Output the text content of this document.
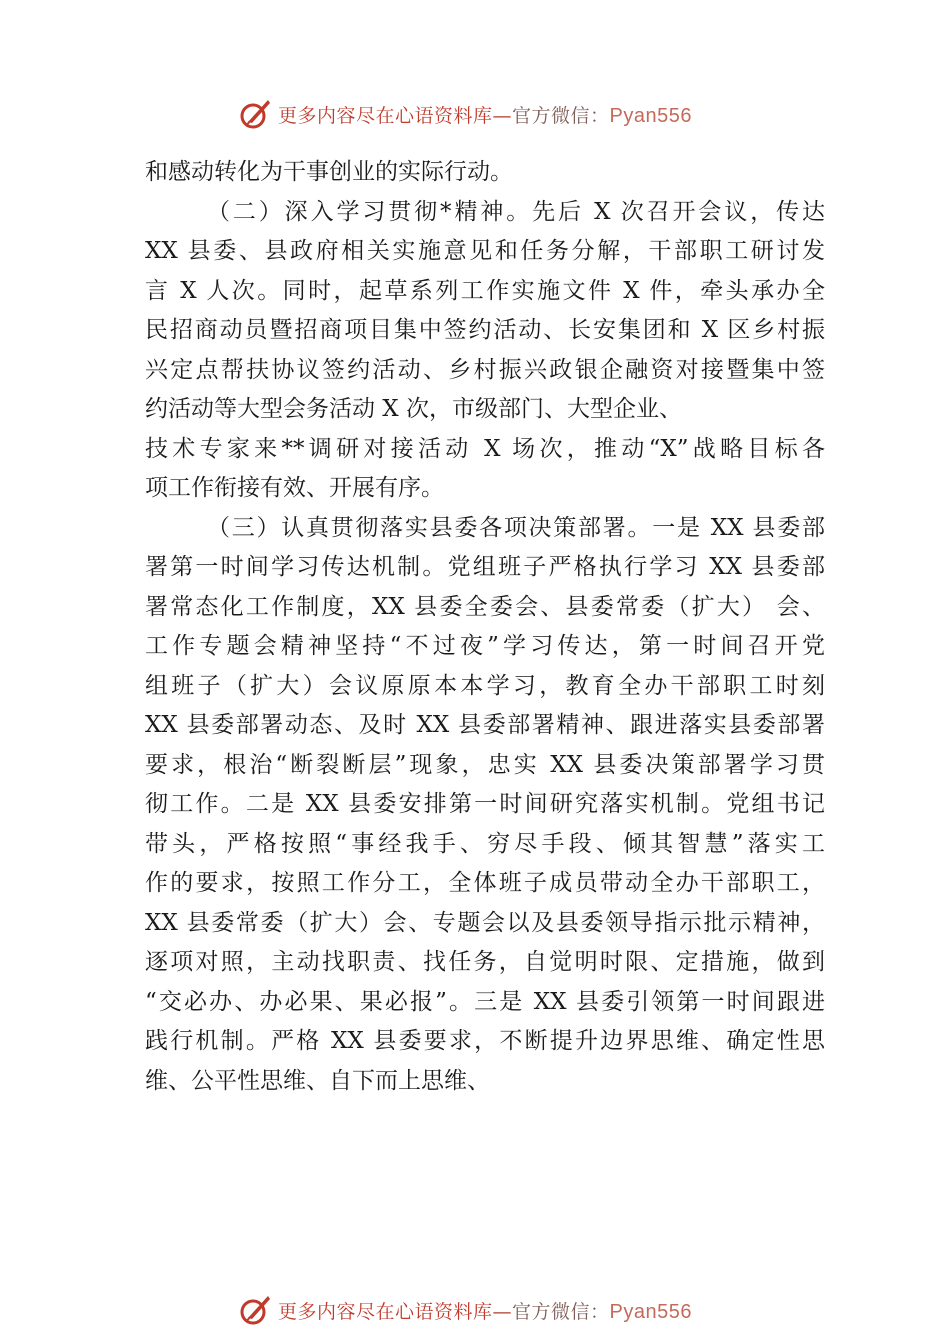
更多内容尽在心语资料库—官方微信：Pyan556
和感动转化为干事创业的实际行动。
（二）深入学习贯彻*精神。先后 X 次召开会议，传达
XX 县委、县政府相关实施意见和任务分解，干部职工研讨发
言 X 人次。同时，起草系列工作实施文件 X 件，牵头承办全
民招商动员暨招商项目集中签约活动、长安集团和 X 区乡村振
兴定点帮扶协议签约活动、乡村振兴政银企融资对接暨集中签
约活动等大型会务活动 X 次，市级部门、大型企业、
技术专家来**调研对接活动 X 场次，推动“X”战略目标各
项工作衔接有效、开展有序。
（三）认真贯彻落实县委各项决策部署。一是 XX 县委部
署第一时间学习传达机制。党组班子严格执行学习 XX 县委部
署常态化工作制度，XX 县委全委会、县委常委（扩大） 会、
工作专题会精神坚持“不过夜”学习传达，第一时间召开党
组班子（扩大）会议原原本本学习，教育全办干部职工时刻
XX 县委部署动态、及时 XX 县委部署精神、跟进落实县委部署
要求，根治“断裂断层”现象，忠实 XX 县委决策部署学习贯
彻工作。二是 XX 县委安排第一时间研究落实机制。党组书记
带头，严格按照“事经我手、穷尽手段、倾其智慧”落实工
作的要求，按照工作分工，全体班子成员带动全办干部职工，
XX 县委常委（扩大）会、专题会以及县委领导指示批示精神，
逐项对照，主动找职责、找任务，自觉明时限、定措施，做到
“交必办、办必果、果必报”。三是 XX 县委引领第一时间跟进
践行机制。严格 XX 县委要求，不断提升边界思维、确定性思
维、公平性思维、自下而上思维、
更多内容尽在心语资料库—官方微信：Pyan556
